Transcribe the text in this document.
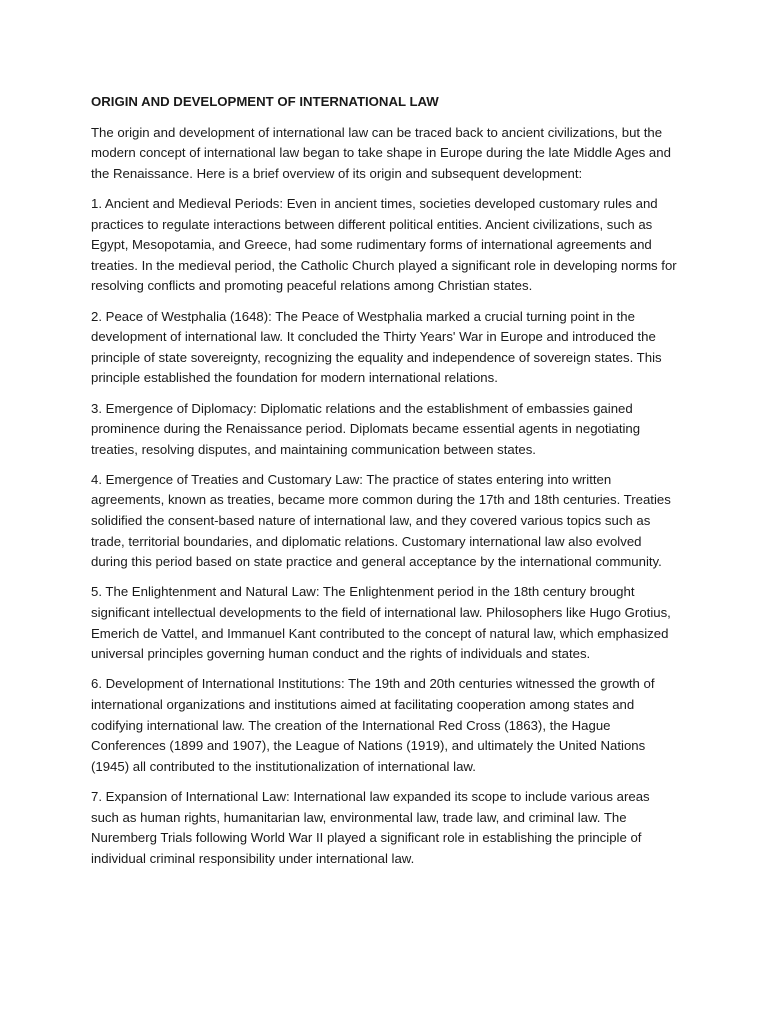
ORIGIN AND DEVELOPMENT OF INTERNATIONAL LAW

The origin and development of international law can be traced back to ancient civilizations, but the modern concept of international law began to take shape in Europe during the late Middle Ages and the Renaissance. Here is a brief overview of its origin and subsequent development:

1. Ancient and Medieval Periods: Even in ancient times, societies developed customary rules and practices to regulate interactions between different political entities. Ancient civilizations, such as Egypt, Mesopotamia, and Greece, had some rudimentary forms of international agreements and treaties. In the medieval period, the Catholic Church played a significant role in developing norms for resolving conflicts and promoting peaceful relations among Christian states.

2. Peace of Westphalia (1648): The Peace of Westphalia marked a crucial turning point in the development of international law. It concluded the Thirty Years' War in Europe and introduced the principle of state sovereignty, recognizing the equality and independence of sovereign states. This principle established the foundation for modern international relations.

3. Emergence of Diplomacy: Diplomatic relations and the establishment of embassies gained prominence during the Renaissance period. Diplomats became essential agents in negotiating treaties, resolving disputes, and maintaining communication between states.

4. Emergence of Treaties and Customary Law: The practice of states entering into written agreements, known as treaties, became more common during the 17th and 18th centuries. Treaties solidified the consent-based nature of international law, and they covered various topics such as trade, territorial boundaries, and diplomatic relations. Customary international law also evolved during this period based on state practice and general acceptance by the international community.

5. The Enlightenment and Natural Law: The Enlightenment period in the 18th century brought significant intellectual developments to the field of international law. Philosophers like Hugo Grotius, Emerich de Vattel, and Immanuel Kant contributed to the concept of natural law, which emphasized universal principles governing human conduct and the rights of individuals and states.

6. Development of International Institutions: The 19th and 20th centuries witnessed the growth of international organizations and institutions aimed at facilitating cooperation among states and codifying international law. The creation of the International Red Cross (1863), the Hague Conferences (1899 and 1907), the League of Nations (1919), and ultimately the United Nations (1945) all contributed to the institutionalization of international law.

7. Expansion of International Law: International law expanded its scope to include various areas such as human rights, humanitarian law, environmental law, trade law, and criminal law. The Nuremberg Trials following World War II played a significant role in establishing the principle of individual criminal responsibility under international law.
